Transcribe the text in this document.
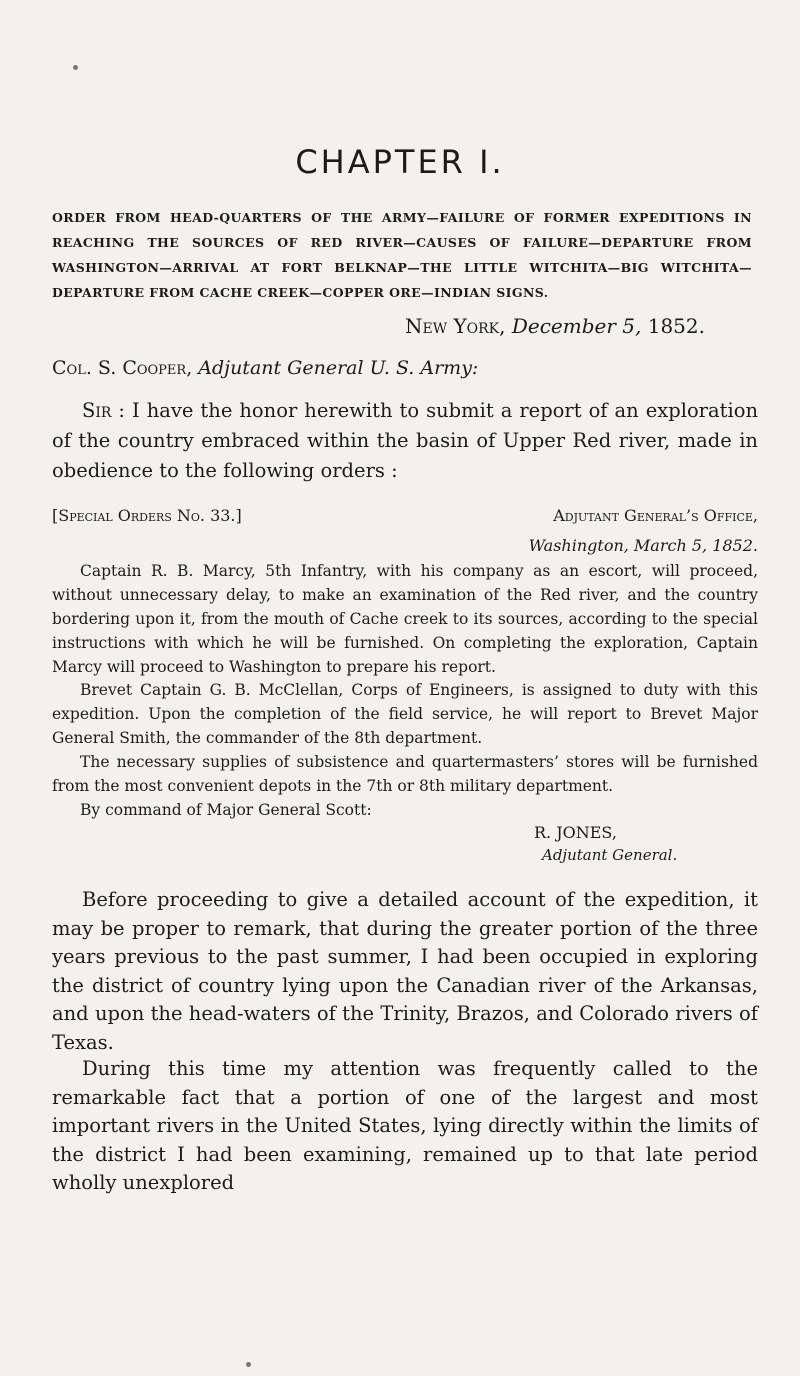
CHAPTER I.
ORDER FROM HEAD-QUARTERS OF THE ARMY—FAILURE OF FORMER EXPEDITIONS IN REACHING THE SOURCES OF RED RIVER—CAUSES OF FAILURE—DEPARTURE FROM WASHINGTON—ARRIVAL AT FORT BELKNAP—THE LITTLE WITCHITA—BIG WITCHITA—DEPARTURE FROM CACHE CREEK—COPPER ORE—INDIAN SIGNS.
New York, December 5, 1852.
Col. S. Cooper, Adjutant General U. S. Army:
Sir : I have the honor herewith to submit a report of an exploration of the country embraced within the basin of Upper Red river, made in obedience to the following orders :
[Special Orders No. 33.]	Adjutant General’s Office,
Washington, March 5, 1852.
Captain R. B. Marcy, 5th Infantry, with his company as an escort, will proceed, without unnecessary delay, to make an examination of the Red river, and the country bordering upon it, from the mouth of Cache creek to its sources, according to the special instructions with which he will be furnished. On completing the exploration, Captain Marcy will proceed to Washington to prepare his report.
Brevet Captain G. B. McClellan, Corps of Engineers, is assigned to duty with this expedition. Upon the completion of the field service, he will report to Brevet Major General Smith, the commander of the 8th department.
The necessary supplies of subsistence and quartermasters’ stores will be furnished from the most convenient depots in the 7th or 8th military department.
By command of Major General Scott:
R. JONES,
Adjutant General.
Before proceeding to give a detailed account of the expedition, it may be proper to remark, that during the greater portion of the three years previous to the past summer, I had been occupied in exploring the district of country lying upon the Canadian river of the Arkansas, and upon the head-waters of the Trinity, Brazos, and Colorado rivers of Texas.
During this time my attention was frequently called to the remarkable fact that a portion of one of the largest and most important rivers in the United States, lying directly within the limits of the district I had been examining, remained up to that late period wholly unexplored
